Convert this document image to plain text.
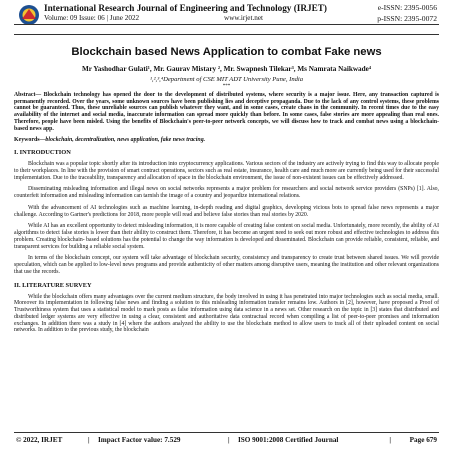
International Research Journal of Engineering and Technology (IRJET)	e-ISSN: 2395-0056
Volume: 09 Issue: 06 | June 2022	www.irjet.net	p-ISSN: 2395-0072
Blockchain based News Application to combat Fake news
Mr Yashodhar Gulati¹, Mr. Gaurav Mistary ², Mr. Swapnesh Tilekar³, Ms Namrata Naikwade⁴
¹,²,³,⁴Department of CSE MIT ADT University Pune, India
***
Abstract— Blockchain technology has opened the door to the development of distributed systems, where security is a major issue. Here, any transaction captured is permanently recorded. Over the years, some unknown sources have been publishing lies and deceptive propaganda. Due to the lack of any control systems, these problems cannot be guaranteed. Thus, these unreliable sources can publish whatever they want, and in some cases, create chaos in the community. In recent times due to the easy availability of the internet and social media, inaccurate information can spread more quickly than before. In some cases, false stories are more appealing than real ones. Therefore, people have been misled. Using the benefits of Blockchain's peer-to-peer network concepts, we will discuss how to track and combat news using a blockchain-based news app.
Keywords—blockchain, decentralization, news application, fake news tracing.
I. INTRODUCTION
Blockchain was a popular topic shortly after its introduction into cryptocurrency applications. Various sectors of the industry are actively trying to find this way to allocate people to their workplaces. In line with the provision of smart contract operations, sectors such as real estate, insurance, health care and much more are currently being used for their successful implementation. Due to the traceability, transparency and allocation of space in the blockchain environment, the issue of non-existent issues can be effectively addressed.
Disseminating misleading information and illegal news on social networks represents a major problem for researchers and social network service providers (SNPs) [1]. Also, counterfeit information and misleading information can tarnish the image of a country and jeopardize international relations.
With the advancement of AI technologies such as machine learning, in-depth reading and digital graphics, developing vicious bots to spread false news represents a major challenge. According to Gartner's predictions for 2018, more people will read and believe false stories than real stories by 2020.
While AI has an excellent opportunity to detect misleading information, it is more capable of creating false content on social media. Unfortunately, more recently, the ability of AI algorithms to detect false stories is lower than their ability to construct them. Therefore, it has become an urgent need to seek out more robust and effective technologies to address this problem. Creating blockchain- based solutions has the potential to change the way information is developed and disseminated. Blockchain can provide reliable, consistent, reliable, and transparent services for building a reliable social system.
In terms of the blockchain concept, our system will take advantage of blockchain security, consistency and transparency to create trust between shared issues. We will provide speculation, which can be applied to low-level news programs and provide authenticity of other matters among disruptive users, meaning the institution and other relevant organizations that use the records.
II. LITERATURE SURVEY
While the blockchain offers many advantages over the current medium structure, the body involved in using it has penetrated into major technologies such as social media, small. Moreover its implementation in following false news and finding a solution to this misleading information transfer remains low. Authors in [2], however, have proposed a Proof of Trustworthiness system that uses a statistical model to mark posts as false information using data science in a news set. Other research on the topic in [3] states that distributed and distributed ledger systems are very effective in using a clear, consistent and authoritative data contractual record when compiling a list of peer-to-peer promises and information exchanges. In addition there was a study in [4] where the authors analyzed the ability to use the blockchain method to allow users to track all of their uploaded content on social networks. In addition to the previous study, the blockchain
© 2022, IRJET	| Impact Factor value: 7.529	| ISO 9001:2008 Certified Journal	|	Page 679
